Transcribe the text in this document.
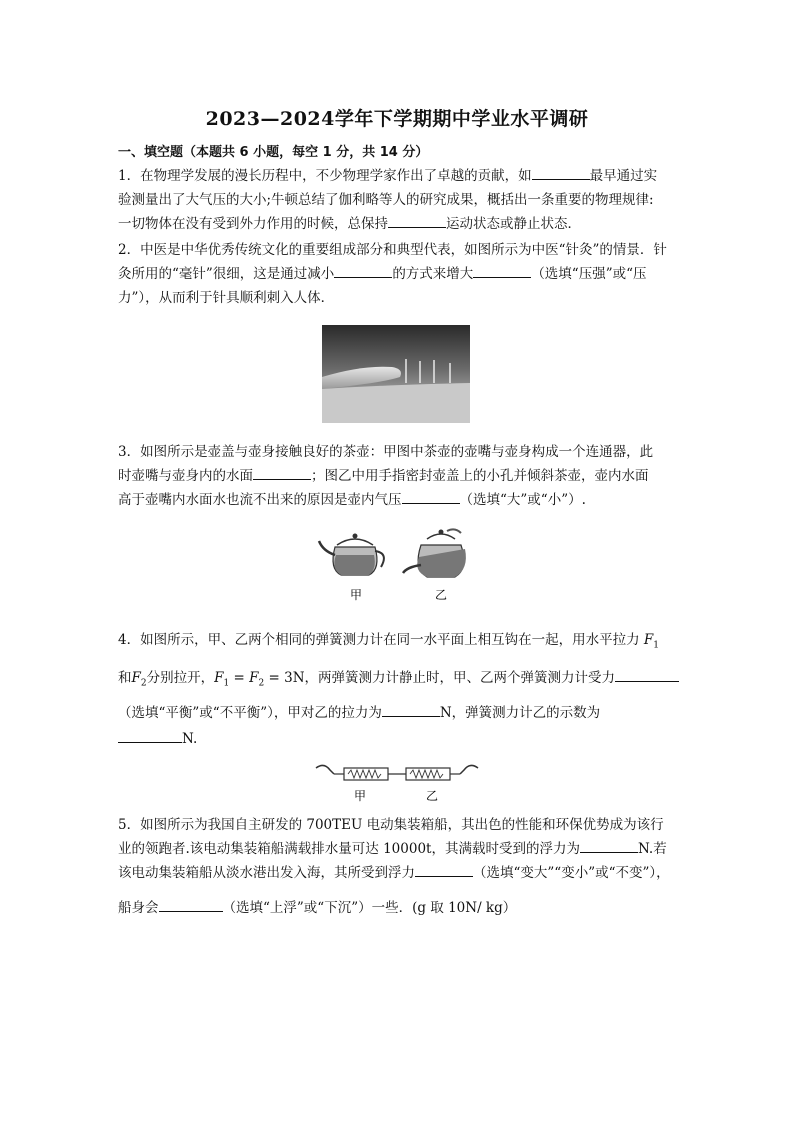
2023—2024学年下学期期中学业水平调研
一、填空题（本题共 6 小题，每空 1 分，共 14 分）
1．在物理学发展的漫长历程中，不少物理学家作出了卓越的贡献，如	最早通过实
验测量出了大气压的大小;牛顿总结了伽利略等人的研究成果，概括出一条重要的物理规律:
一切物体在没有受到外力作用的时候，总保持	运动状态或静止状态．
2．中医是中华优秀传统文化的重要组成部分和典型代表，如图所示为中医“针灸”的情景．针
灸所用的“毫针”很细，这是通过减小	的方式来增大	（选填“压强”或“压
力”），从而利于针具顺利刺入人体．
3．如图所示是壶盖与壶身接触良好的茶壶：甲图中茶壶的壶嘴与壶身构成一个连通器，此
时壶嘴与壶身内的水面	；图乙中用手指密封壶盖上的小孔并倾斜茶壶，壶内水面
高于壶嘴内水面水也流不出来的原因是壶内气压	（选填“大”或“小”）.
甲	乙
4．如图所示，甲、乙两个相同的弹簧测力计在同一水平面上相互钩在一起，用水平拉力 $F_1$
和$F_2$分别拉开，$F_1 = F_2 = 3N$，两弹簧测力计静止时，甲、乙两个弹簧测力计受力
（选填“平衡”或“不平衡”），甲对乙的拉力为	N，弹簧测力计乙的示数为
N.
甲	乙
5．如图所示为我国自主研发的 700TEU 电动集装箱船，其出色的性能和环保优势成为该行
业的领跑者.该电动集装箱船满载排水量可达 10000t，其满载时受到的浮力为	N.若
该电动集装箱船从淡水港出发入海，其所受到浮力	（选填“变大”“变小”或“不变”），
船身会	（选填“上浮”或“下沉”）一些．(g 取 10N/ kg）
